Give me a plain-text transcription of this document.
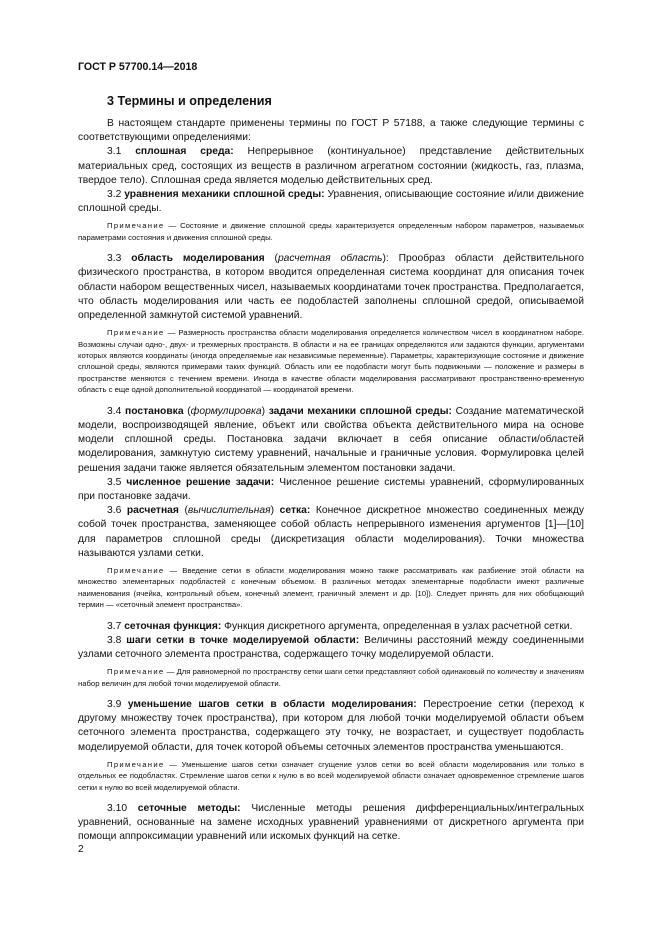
ГОСТ Р 57700.14—2018
3 Термины и определения

В настоящем стандарте применены термины по ГОСТ Р 57188, а также следующие термины с соответствующими определениями:

3.1 сплошная среда: Непрерывное (континуальное) представление действительных материальных сред, состоящих из веществ в различном агрегатном состоянии (жидкость, газ, плазма, твердое тело). Сплошная среда является моделью действительных сред.

3.2 уравнения механики сплошной среды: Уравнения, описывающие состояние и/или движение сплошной среды.

Примечание — Состояние и движение сплошной среды характеризуется определенным набором параметров, называемых параметрами состояния и движения сплошной среды.

3.3 область моделирования (расчетная область): Прообраз области действительного физического пространства, в котором вводится определенная система координат для описания точек области набором вещественных чисел, называемых координатами точек пространства. Предполагается, что область моделирования или часть ее подобластей заполнены сплошной средой, описываемой определенной замкнутой системой уравнений.

Примечание — Размерность пространства области моделирования определяется количеством чисел в координатном наборе. Возможны случаи одно-, двух- и трехмерных пространств. В области и на ее границах определяются или задаются функции, аргументами которых являются координаты (иногда определяемые как независимые переменные). Параметры, характеризующие состояние и движение сплошной среды, являются примерами таких функций. Область или ее подобласти могут быть подвижными — положение и размеры в пространстве меняются с течением времени. Иногда в качестве области моделирования рассматривают пространственно-временную область с еще одной дополнительной координатой — координатой времени.

3.4 постановка (формулировка) задачи механики сплошной среды: Создание математической модели, воспроизводящей явление, объект или свойства объекта действительного мира на основе модели сплошной среды. Постановка задачи включает в себя описание области/областей моделирования, замкнутую систему уравнений, начальные и граничные условия. Формулировка целей решения задачи также является обязательным элементом постановки задачи.

3.5 численное решение задачи: Численное решение системы уравнений, сформулированных при постановке задачи.

3.6 расчетная (вычислительная) сетка: Конечное дискретное множество соединенных между собой точек пространства, заменяющее собой область непрерывного изменения аргументов [1]—[10] для параметров сплошной среды (дискретизация области моделирования). Точки множества называются узлами сетки.

Примечание — Введение сетки в области моделирования можно также рассматривать как разбиение этой области на множество элементарных подобластей с конечным объемом. В различных методах элементарные подобласти имеют различные наименования (ячейка, контрольный объем, конечный элемент, граничный элемент и др. [10]). Следует принять для них обобщающий термин — «сеточный элемент пространства».

3.7 сеточная функция: Функция дискретного аргумента, определенная в узлах расчетной сетки.

3.8 шаги сетки в точке моделируемой области: Величины расстояний между соединенными узлами сеточного элемента пространства, содержащего точку моделируемой области.

Примечание — Для равномерной по пространству сетки шаги сетки представляют собой одинаковый по количеству и значениям набор величин для любой точки моделируемой области.

3.9 уменьшение шагов сетки в области моделирования: Перестроение сетки (переход к другому множеству точек пространства), при котором для любой точки моделируемой области объем сеточного элемента пространства, содержащего эту точку, не возрастает, и существует подобласть моделируемой области, для точек которой объемы сеточных элементов пространства уменьшаются.

Примечание — Уменьшение шагов сетки означает сгущение узлов сетки во всей области моделирования или только в отдельных ее подобластях. Стремление шагов сетки к нулю в во всей моделируемой области означает одновременное стремление шагов сетки к нулю во всей моделируемой области.

3.10 сеточные методы: Численные методы решения дифференциальных/интегральных уравнений, основанные на замене исходных уравнений уравнениями от дискретного аргумента при помощи аппроксимации уравнений или искомых функций на сетке.

2
